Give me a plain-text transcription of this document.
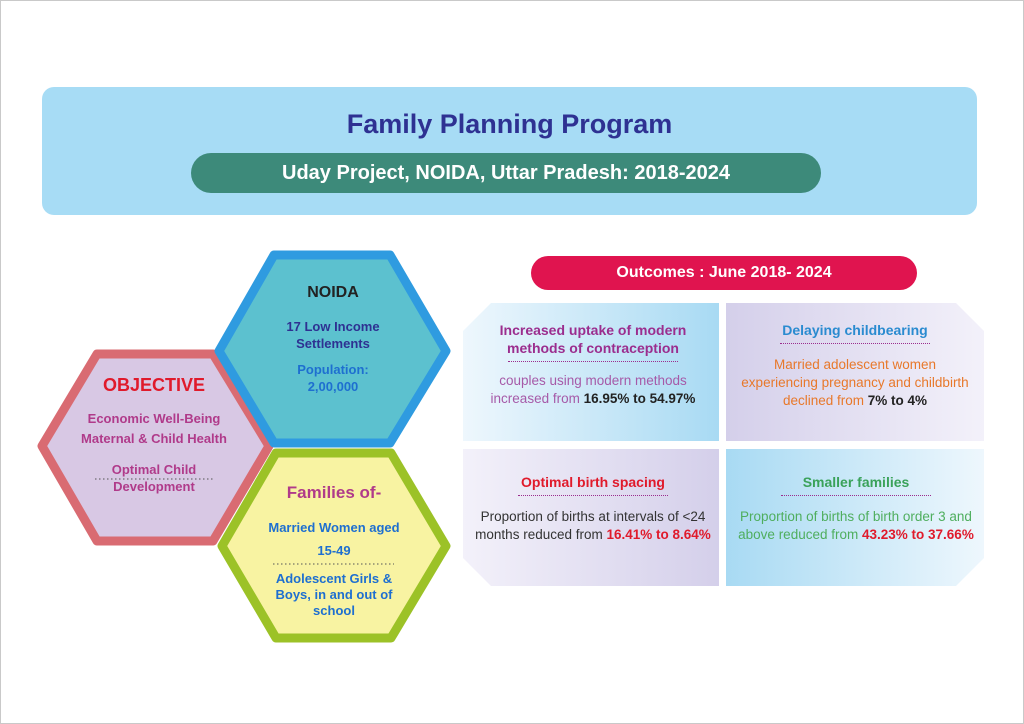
Family Planning Program
Uday Project, NOIDA, Uttar Pradesh: 2018-2024
NOIDA
17 Low Income Settlements
Population:
2,00,000
OBJECTIVE
Economic Well-Being
Maternal & Child Health
Optimal Child Development	Families of-
Married Women aged
15-49
Adolescent Girls & Boys, in and out of school
Outcomes : June 2018- 2024
Increased uptake of modern methods of contraception
couples using modern methods increased from 16.95% to 54.97%
Delaying childbearing
Married adolescent women experiencing pregnancy and childbirth declined from 7% to 4%
Optimal birth spacing
Proportion of births at intervals of <24 months reduced from 16.41% to 8.64%
Smaller families
Proportion of births of birth order 3 and above reduced from 43.23% to 37.66%
